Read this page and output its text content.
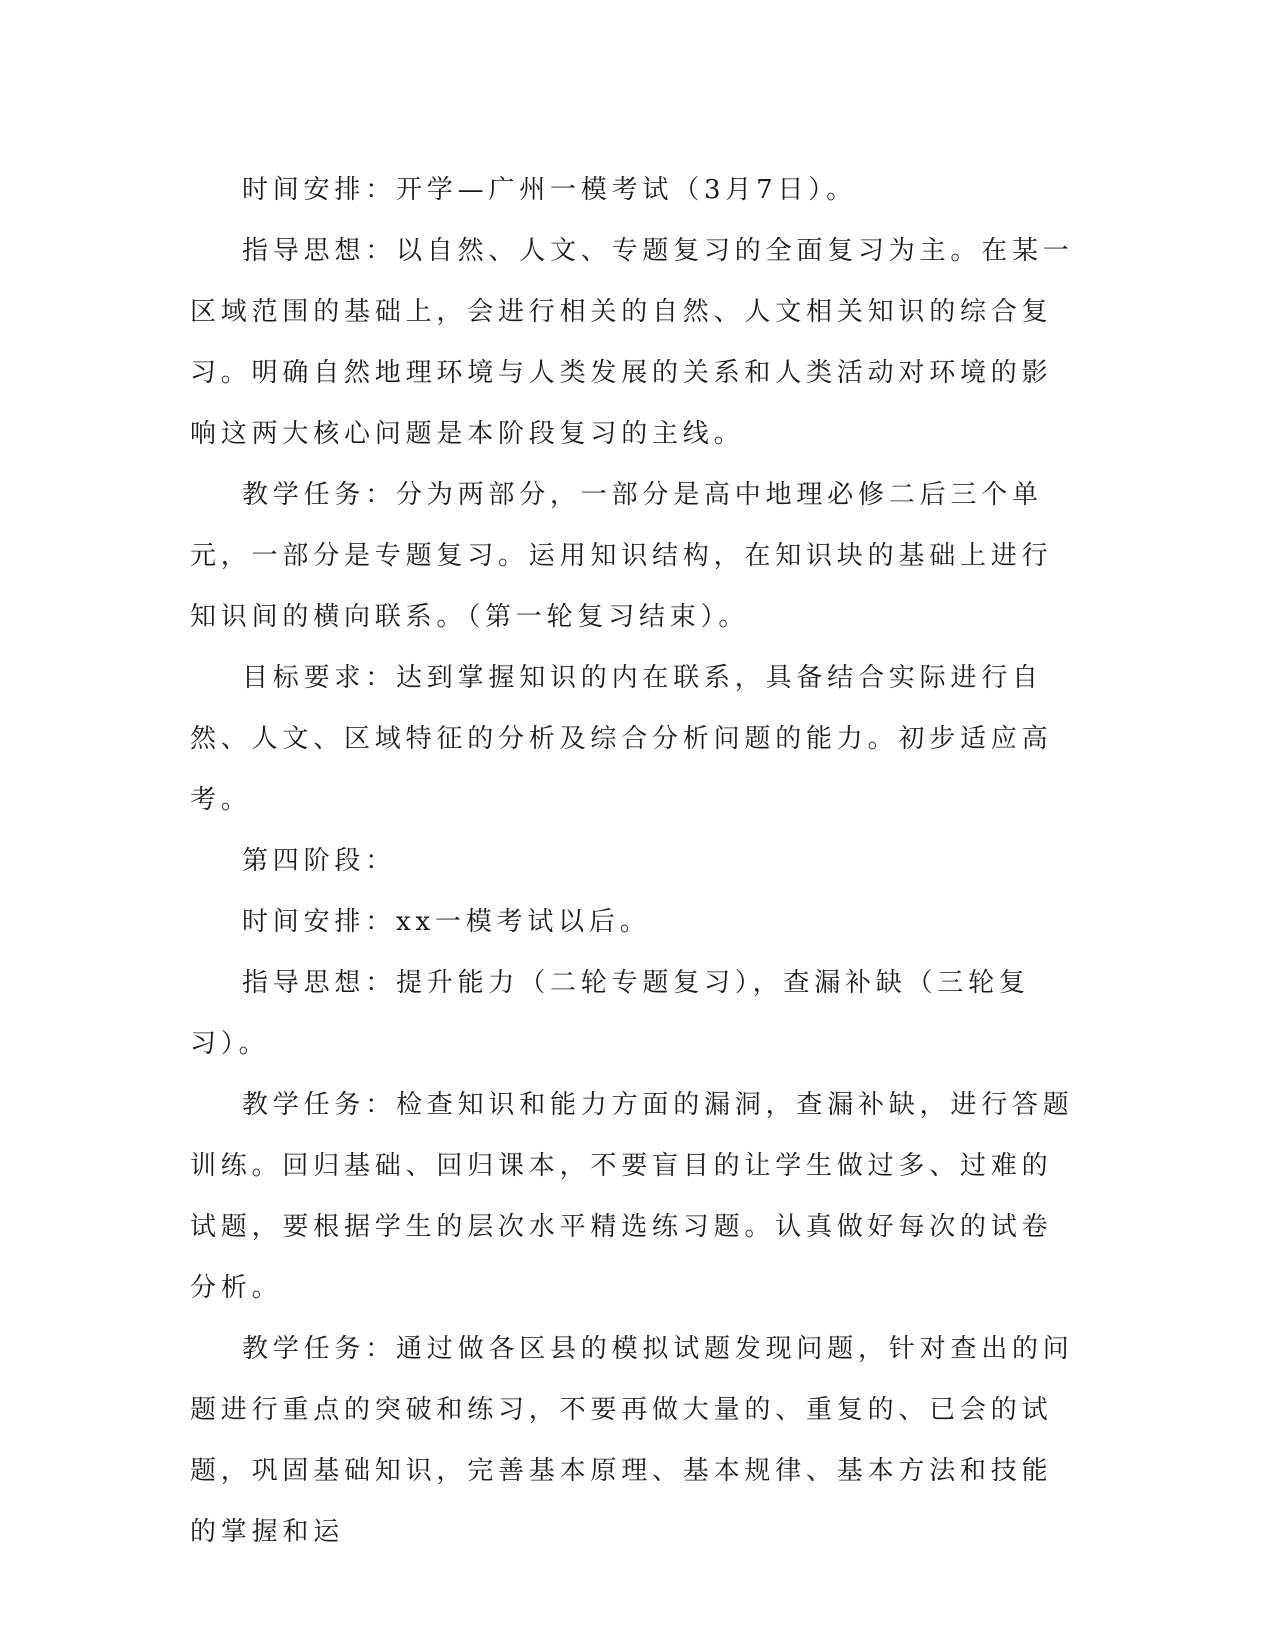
时间安排：开学—广州一模考试（3月7日）。

指导思想：以自然、人文、专题复习的全面复习为主。在某一区域范围的基础上，会进行相关的自然、人文相关知识的综合复习。明确自然地理环境与人类发展的关系和人类活动对环境的影响这两大核心问题是本阶段复习的主线。

教学任务：分为两部分，一部分是高中地理必修二后三个单元，一部分是专题复习。运用知识结构，在知识块的基础上进行知识间的横向联系。（第一轮复习结束）。

目标要求：达到掌握知识的内在联系，具备结合实际进行自然、人文、区域特征的分析及综合分析问题的能力。初步适应高考。

第四阶段：

时间安排：xx一模考试以后。

指导思想：提升能力（二轮专题复习），查漏补缺（三轮复习）。

教学任务：检查知识和能力方面的漏洞，查漏补缺，进行答题训练。回归基础、回归课本，不要盲目的让学生做过多、过难的试题，要根据学生的层次水平精选练习题。认真做好每次的试卷分析。

教学任务：通过做各区县的模拟试题发现问题，针对查出的问题进行重点的突破和练习，不要再做大量的、重复的、已会的试题，巩固基础知识，完善基本原理、基本规律、基本方法和技能的掌握和运
